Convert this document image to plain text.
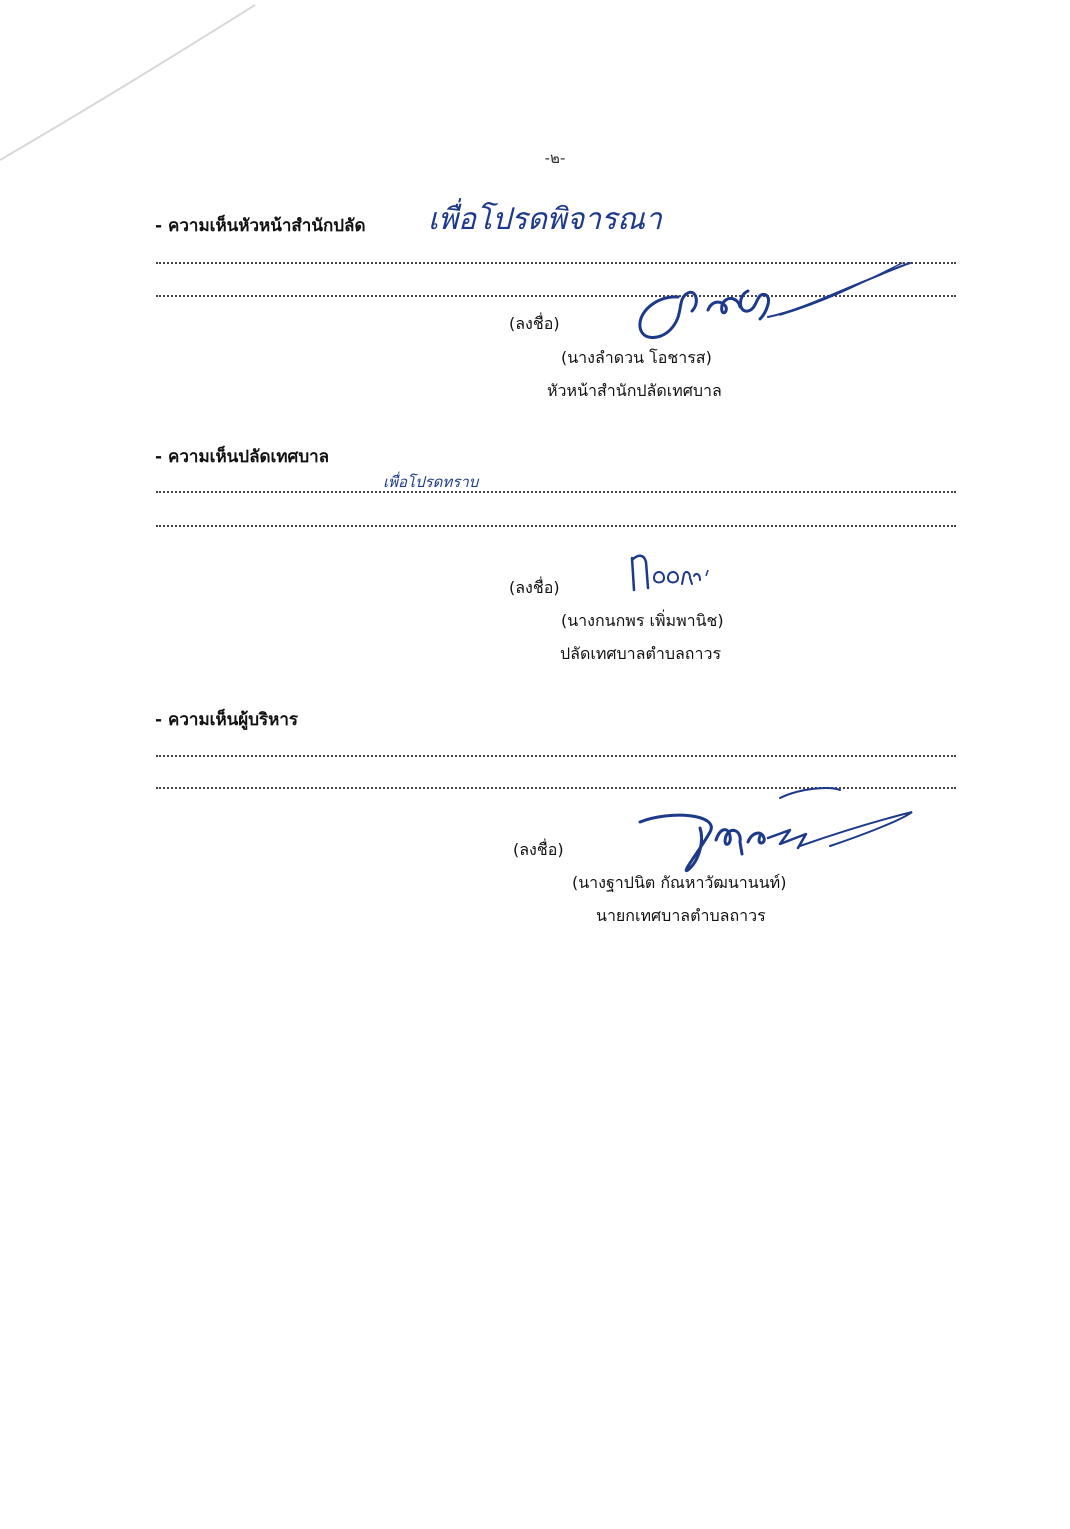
-๒-
- ความเห็นหัวหน้าสำนักปลัด เพื่อโปรดพิจารณา
(ลงชื่อ)
(นางลำดวน โอชารส)
หัวหน้าสำนักปลัดเทศบาล
- ความเห็นปลัดเทศบาล
เพื่อโปรดทราบ
(ลงชื่อ)
(นางกนกพร เพิ่มพานิช)
ปลัดเทศบาลตำบลถาวร
- ความเห็นผู้บริหาร
(ลงชื่อ)
(นางฐาปนิต กัณหาวัฒนานนท์)
นายกเทศบาลตำบลถาวร
